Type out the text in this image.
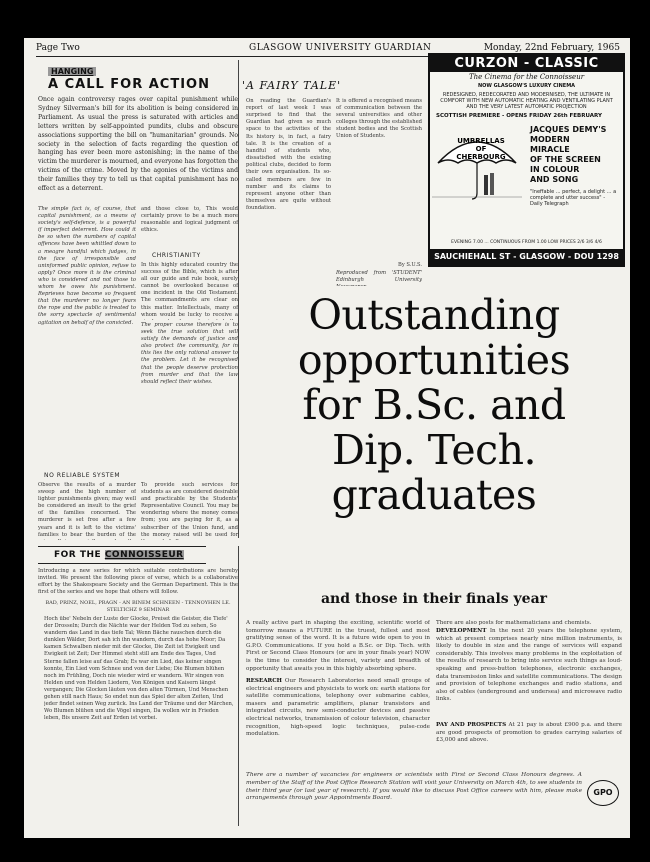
Page Two	GLASGOW UNIVERSITY GUARDIAN	Monday, 22nd February, 1965
HANGING
A CALL FOR ACTION
Once again controversy rages over capital punishment while Sydney Silverman's bill for its abolition is being considered in Parliament. As usual the press is saturated with articles and letters written by self-appointed pundits, clubs and obscure associations supporting the bill on "humanitarian" grounds. No society in the selection of facts regarding the question of hanging has ever been more astonishing; in the name of the victim the murderer is mourned, and everyone has forgotten the victims of the crime. Moved by the agonies of the victims and their families they try to tell us that capital punishment has no effect as a deterrent.
The simple fact is, of course, that capital punishment, as a means of society's self-defence, is a powerful if imperfect deterrent. How could it be so when the numbers of capital offences have been whittled down to a meagre handful which judges, in the face of irresponsible and uninformed public opinion, refuse to apply? Once more it is the criminal who is considered and not those to whom he owes his punishment. Reprieves have become so frequent that the murderer no longer fears the rope and the public is treated to the sorry spectacle of sentimental agitation on behalf of the convicted.
and those close to, This would certainly prove to be a much more reasonable and logical judgment of ethics.
CHRISTIANITY
In this highly educated country the success of the Bible, which is after all our guide and rule book, surely cannot be overlooked because of one incident in the Old Testament. The commandments are clear on this matter. Intellectuals, many of whom would be lucky to receive a
The proper course therefore is to seek the true solution that will satisfy the demands of justice and also protect the community, for in this lies the only rational answer to the problem. Let it be recognised that the people deserve protection from murder and that the law should reflect their wishes.
NO RELIABLE SYSTEM
Observe the results of a murder sweep and the high number of lighter punishments given; may well be considered an insult to the grief of the families concerned. The murderer is set free after a few years and it is left to the victims' families to bear the burden of the
To provide such services for students as are considered desirable and practicable by the Students' Representative Council. You may be wondering where the money comes from; you are paying for it, as a subscriber of the Union fund, and the money raised will be used for
'A FAIRY TALE'
On reading the Guardian's report of last week I was surprised to find that the Guardian had given so much space to the activities of the
Its history is, in fact, a fairy tale. It is the creation of a handful of students who, dissatisfied with the existing political clubs, decided to form their own organisation. Its so-called members are few in number and its claims to represent anyone other than themselves are quite without foundation.
It is offered a recognised means of communication between the several universities and other colleges through the established student bodies and the Scottish Union of Students.
By S.U.S.
Reproduced from 'STUDENT' Edinburgh University
CURZON - CLASSIC
The Cinema for the Connoisseur
NOW GLASGOW'S LUXURY CINEMA
REDESIGNED, REDECORATED AND MODERNISED, THE ULTIMATE IN COMFORT WITH NEW AUTOMATIC HEATING AND VENTILATING PLANT AND THE VERY LATEST AUTOMATIC PROJECTION
SCOTTISH PREMIERE - OPENS FRIDAY 26th FEBRUARY
UMBRELLAS
OF
CHERBOURG
JACQUES DEMY'S
MODERN
MIRACLE
OF THE SCREEN
IN COLOUR
AND SONG
"Ineffable ... perfect, a delight ... a complete and utter success" - Daily Telegraph
EVENING 7.00 ... CONTINUOUS FROM 1.00 LOW PRICES 2/6 3/6 4/6
SAUCHIEHALL ST - GLASGOW - DOU 1298
Outstanding
opportunities
for B.Sc. and
Dip. Tech.
graduates
and those in their finals year
A really active part in shaping the exciting, scientific world of tomorrow means a FUTURE in the truest, fullest and most gratifying sense of the word. It is a future wide open to you in G.P.O. Communications. If you hold a B.Sc. or Dip. Tech. with First or Second Class Honours (or are in your finals year) NOW is the time to consider the interest, variety and breadth of opportunity that awaits you in this highly absorbing sphere.
RESEARCH Our Research Laboratories need small groups of electrical engineers and physicists to work on: earth stations for satellite communications, telephony over submarine cables, masers and parametric amplifiers, planar transistors and integrated circuits, new semi-conductor devices and passive electrical networks, transmission of colour television, character recognition, high-speed logic techniques, pulse-code modulation.
There are also posts for mathematicians and chemists.
DEVELOPMENT In the next 20 years the telephone system, which at present comprises nearly nine million instruments, is likely to double in size and the range of services will expand considerably. This involves many problems in the exploitation of the results of research to bring into service such things as loud-speaking and press-button telephones, electronic exchanges, data transmission links and satellite communications. The design and provision of telephone exchanges and radio stations, and also of cables (underground and undersea) and microwave radio links.
PAY AND PROSPECTS At 21 pay is about £900 p.a. and there are good prospects of promotion to grades carrying salaries of £3,000 and above.
There are a number of vacancies for engineers or scientists with First or Second Class Honours degrees. A member of the Staff of the Post Office Research Station will visit your University on March 4th, to see students in their third year (or last year of research). If you would like to discuss Post Office careers with him, please make arrangements through your Appointments Board.
GPO
FOR THE CONNOISSEUR
Introducing a new series for which suitable contributions are hereby invited. We present the following piece of verse, which is a collaborative effort by the Shakespeare Society and the German Department. This is the first of the series and we hope that others will follow.
BAD, PRINZ, NOEL, PRAGN - AN BINEM SCHNEEN - TENNOYHEN LE. STELTICHZ 9 SEMINAR
Hoch übe' Nebeln der Luste der Glocke, Preiset die Geister, die Tiefe' der Drosseln; Durch die Nächte war der Helden Tod zu sehen, So wandern das Land in das tiefe Tal; Wenn Bäche rauschen durch die dunklen Wälder, Dort sah ich ihn wandern, durch das hohe Moor; Da kamen Schwalben nieder mit der Glocke, Die Zeit ist Ewigkeit und Ewigkeit ist Zeit; Der Himmel steht still am Ende des Tages, Und Sterne fallen leise auf das Grab; Es war ein Lied, das keiner singen konnte, Ein Lied vom Schnee und von der Liebe; Die Blumen blühen noch im Frühling, Doch nie wieder wird er wandern. Wir singen von Helden und von Helden Liedern, Von Königen und Kaisern längst vergangen; Die Glocken läuten von den alten Türmen, Und Menschen gehen still nach Haus; So endet nun das Spiel der alten Zeiten, Und jeder findet seinen Weg zurück. Ins Land der Träume und der Märchen, Wo Blumen blühen und die Vögel singen, Da wollen wir in Frieden leben, Bis unsere Zeit auf Erden ist vorbei.
